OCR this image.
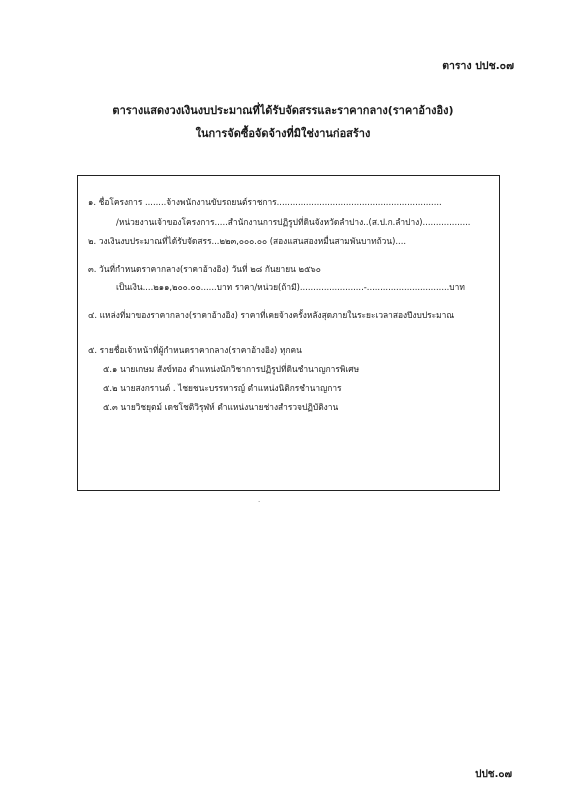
ตาราง ปปช.๐๗
ตารางแสดงวงเงินงบประมาณที่ได้รับจัดสรรและราคากลาง(ราคาอ้างอิง)
ในการจัดซื้อจัดจ้างที่มิใช่งานก่อสร้าง
๑. ชื่อโครงการ ........จ้างพนักงานขับรถยนต์ราชการ..............................................................
/หน่วยงานเจ้าของโครงการ.....สำนักงานการปฏิรูปที่ดินจังหวัดลำปาง..(ส.ป.ก.ลำปาง)..................
๒. วงเงินงบประมาณที่ได้รับจัดสรร...๒๒๓,๐๐๐.๐๐ (สองแสนสองหมื่นสามพันบาทถ้วน)....
๓. วันที่กำหนดราคากลาง(ราคาอ้างอิง) วันที่ ๒๘ กันยายน ๒๕๖๐
เป็นเงิน....๒๑๑,๒๐๐.๐๐......บาท ราคา/หน่วย(ถ้ามี)........................-...............................บาท
๔. แหล่งที่มาของราคากลาง(ราคาอ้างอิง) ราคาที่เคยจ้างครั้งหลังสุดภายในระยะเวลาสองปีงบประมาณ
๕. รายชื่อเจ้าหน้าที่ผู้กำหนดราคากลาง(ราคาอ้างอิง) ทุกคน
๕.๑ นายเกษม สังข์ทอง ตำแหน่งนักวิชาการปฏิรูปที่ดินชำนาญการพิเศษ
๕.๒ นายสงกรานต์ . ไชยชนะบรรหารญ์ ตำแหน่งนิติกรชำนาญการ
๕.๓ นายวิชยุตม์ เดชโชติวิรุฬห์ ตำแหน่งนายช่างสำรวจปฏิบัติงาน
·
ปปช.๐๗
